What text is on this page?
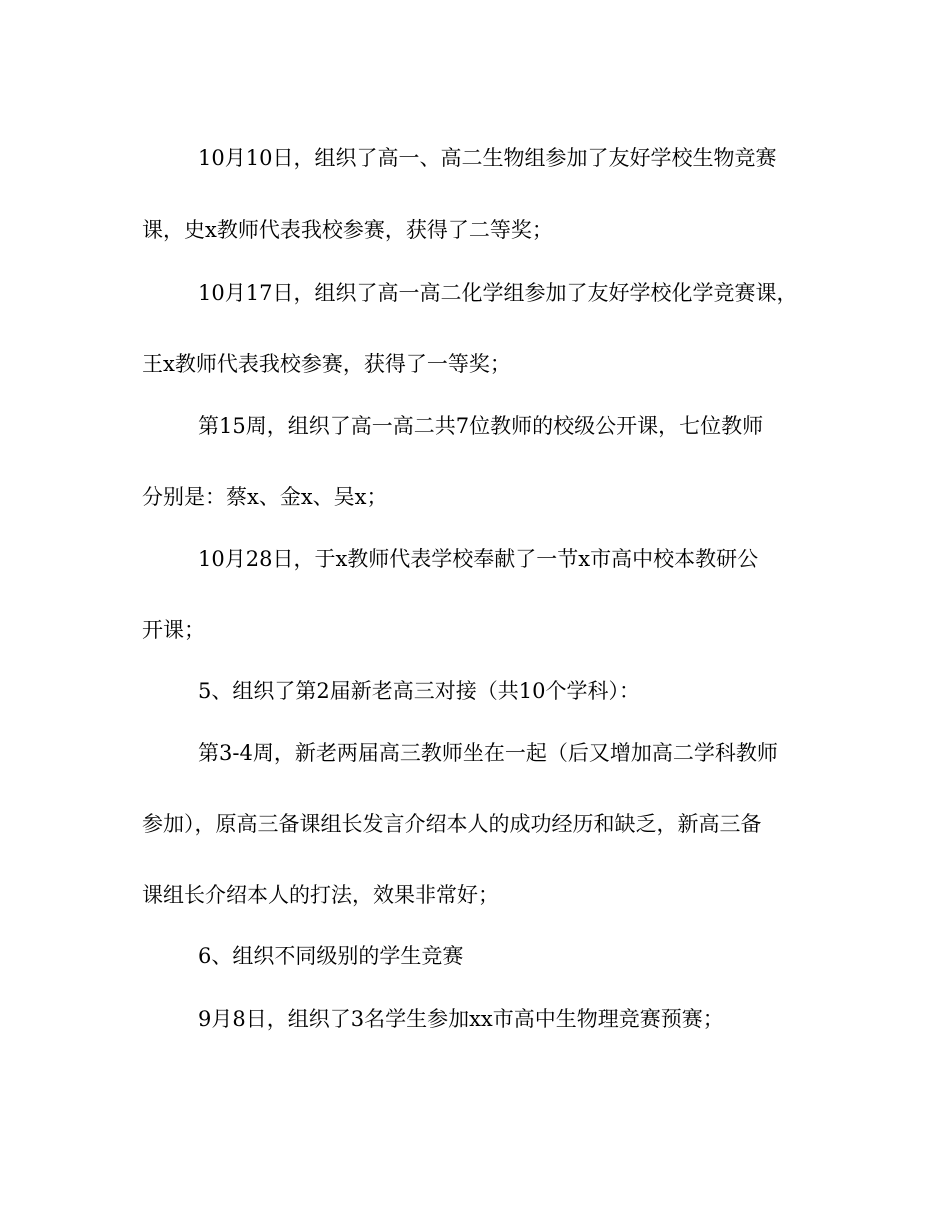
10月10日，组织了高一、高二生物组参加了友好学校生物竞赛
课，史x教师代表我校参赛，获得了二等奖；
10月17日，组织了高一高二化学组参加了友好学校化学竞赛课，
王x教师代表我校参赛，获得了一等奖；
第15周，组织了高一高二共7位教师的校级公开课，七位教师
分别是：蔡x、金x、吴x；
10月28日，于x教师代表学校奉献了一节x市高中校本教研公
开课；
5、组织了第2届新老高三对接（共10个学科）：
第3-4周，新老两届高三教师坐在一起（后又增加高二学科教师
参加），原高三备课组长发言介绍本人的成功经历和缺乏，新高三备
课组长介绍本人的打法，效果非常好；
6、组织不同级别的学生竞赛
9月8日，组织了3名学生参加xx市高中生物理竞赛预赛；
